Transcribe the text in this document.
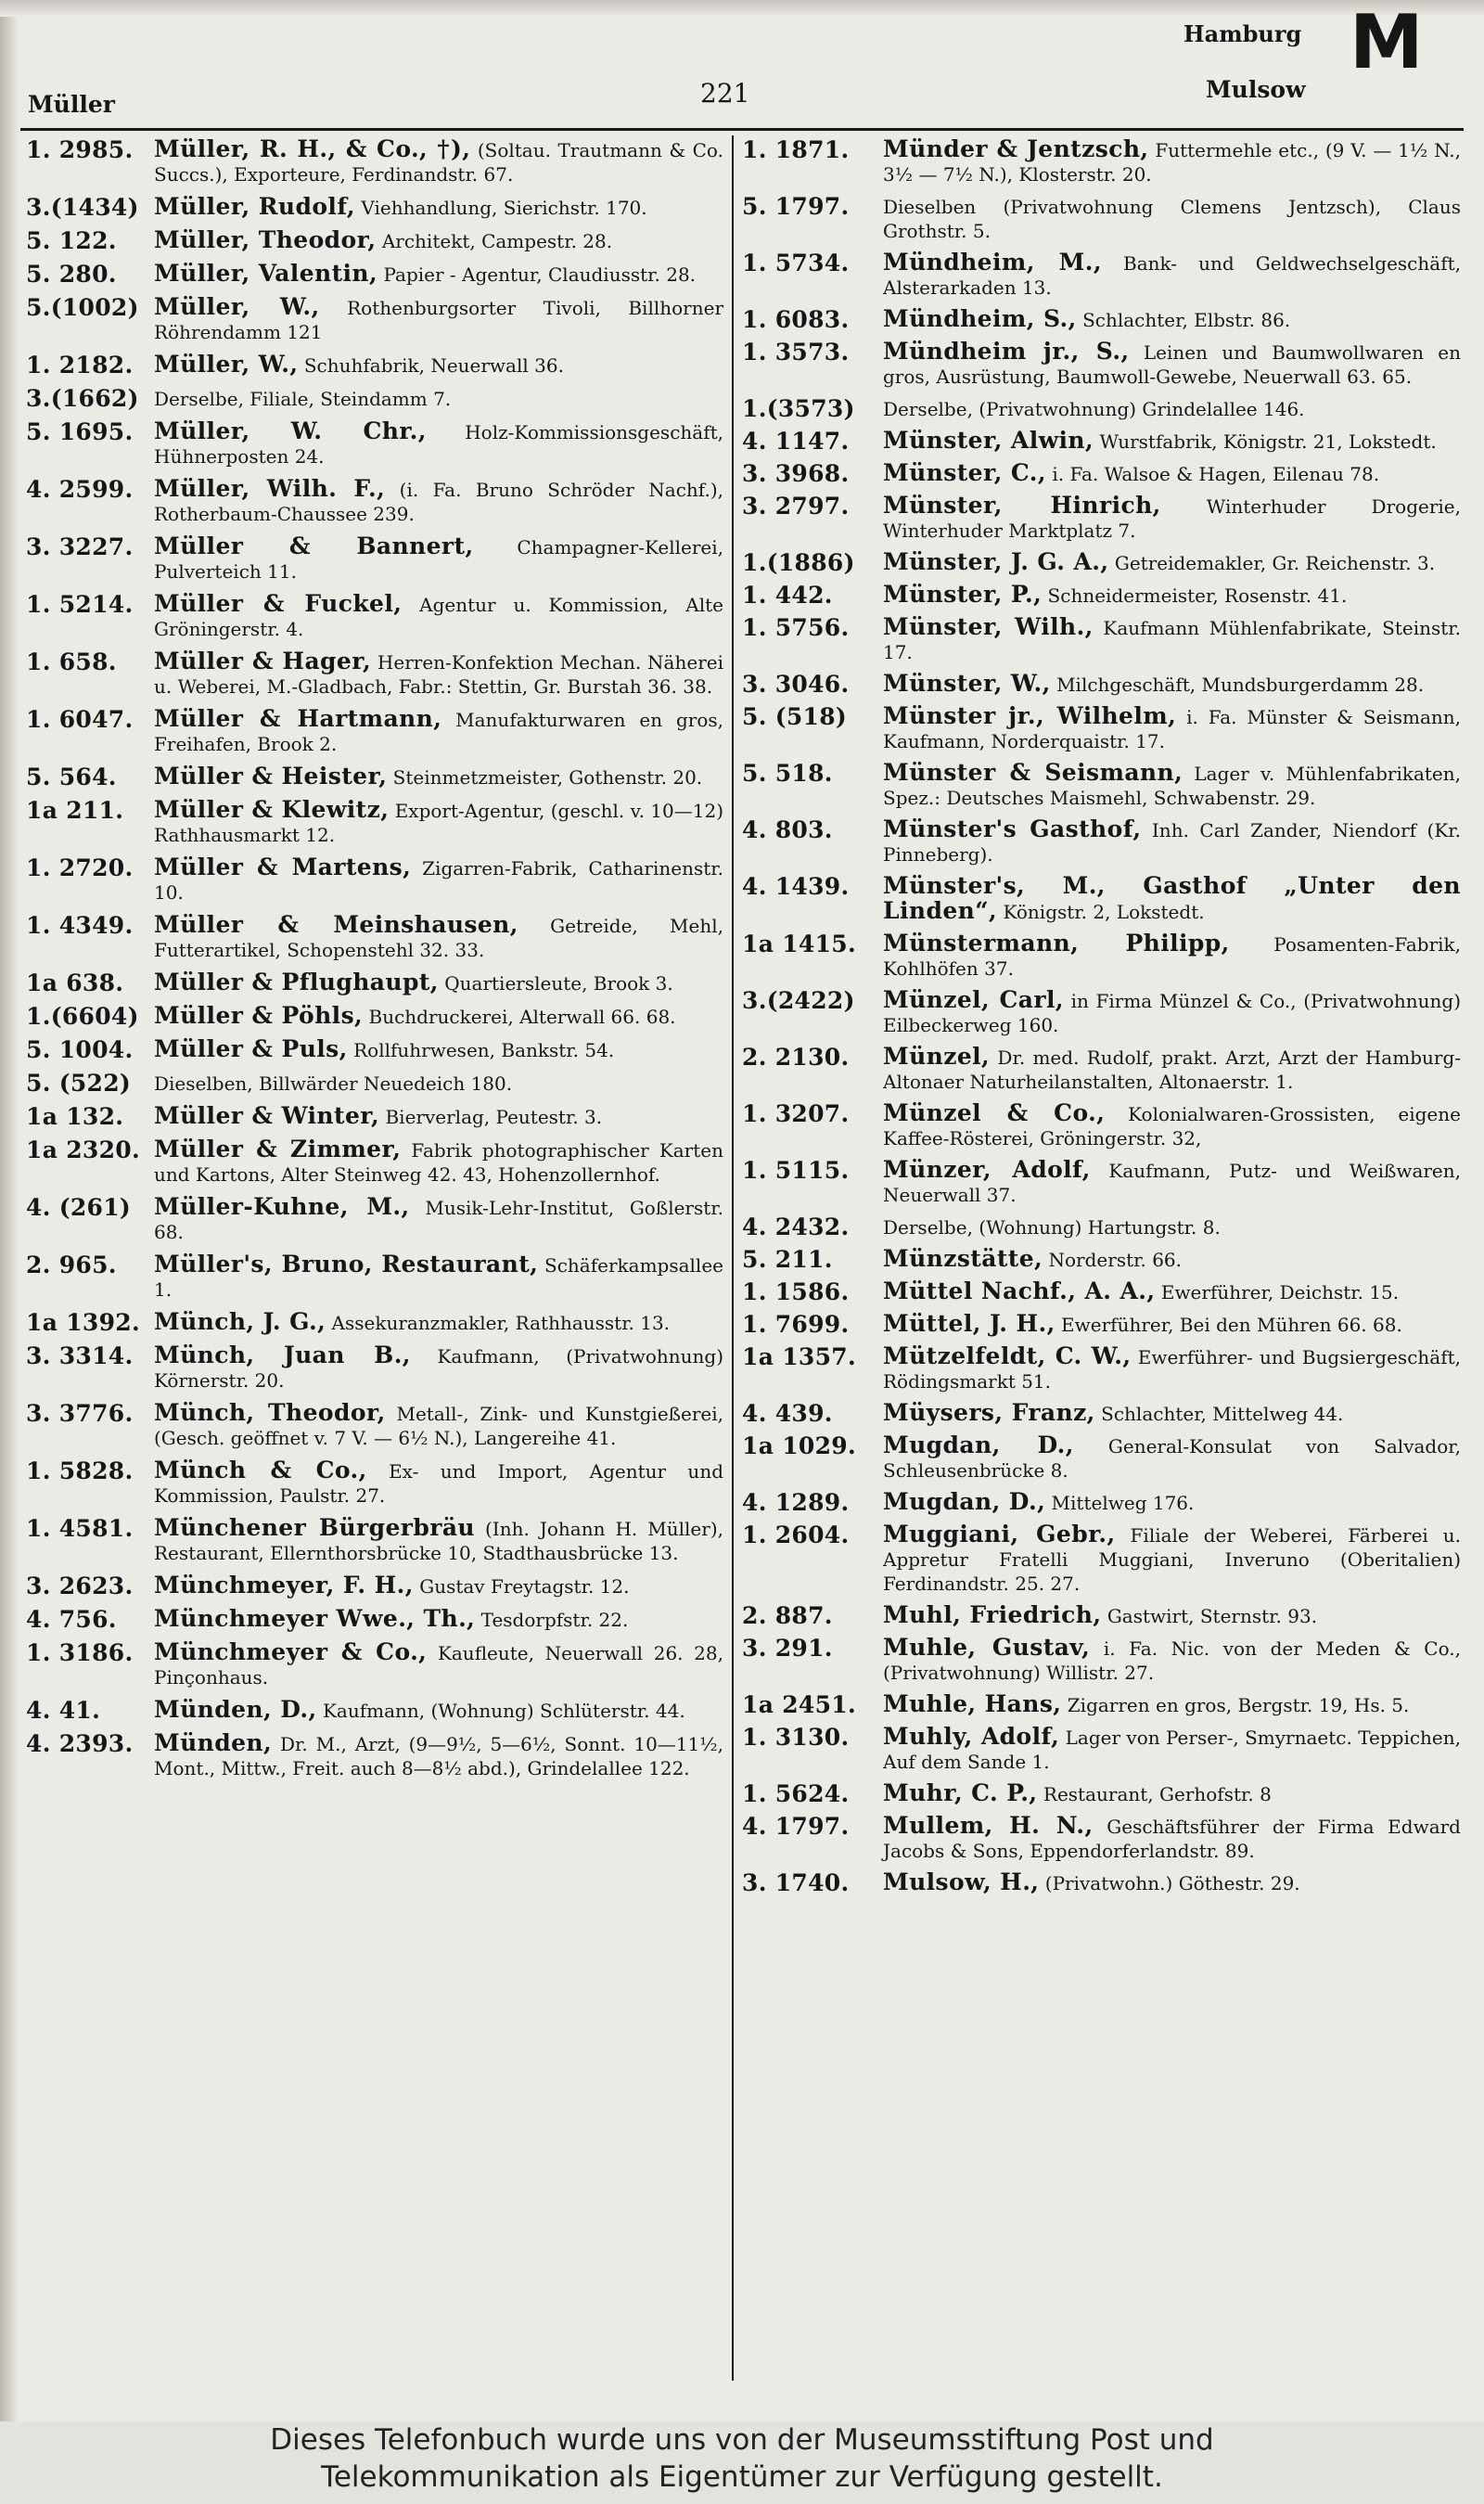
Müller	221
Hamburg
Mulsow
M
1. 2985. Müller, R. H., & Co., †), (Soltau. Trautmann & Co. Succs.), Exporteure, Ferdinandstr. 67.
3.(1434) Müller, Rudolf, Viehhandlung, Sierichstr. 170.
5. 122.	Müller, Theodor, Architekt, Campestr. 28.
5. 280.	Müller, Valentin, Papier - Agentur, Claudiusstr. 28.
5.(1002) Müller, W., Rothenburgsorter Tivoli, Billhorner Röhrendamm 121
1. 2182. Müller, W., Schuhfabrik, Neuerwall 36.
3.(1662) Derselbe, Filiale, Steindamm 7.
5. 1695. Müller, W. Chr., Holz-Kommissionsgeschäft, Hühnerposten 24.
4. 2599. Müller, Wilh. F., (i. Fa. Bruno Schröder Nachf.), Rotherbaum-Chaussee 239.
3. 3227. Müller & Bannert, Champagner-Kellerei, Pulverteich 11.
1. 5214. Müller & Fuckel, Agentur u. Kommission, Alte Gröningerstr. 4.
1. 658.	Müller & Hager, Herren-Konfektion Mechan. Näherei u. Weberei, M.-Gladbach, Fabr.: Stettin, Gr. Burstah 36. 38.
1. 6047. Müller & Hartmann, Manufakturwaren en gros, Freihafen, Brook 2.
5. 564.	Müller & Heister, Steinmetzmeister, Gothenstr. 20.
1a 211.	Müller & Klewitz, Export-Agentur, (geschl. v. 10—12) Rathhausmarkt 12.
1. 2720. Müller & Martens, Zigarren-Fabrik, Catharinenstr. 10.
1. 4349. Müller & Meinshausen, Getreide, Mehl, Futterartikel, Schopenstehl 32. 33.
1a 638.	Müller & Pflughaupt, Quartiersleute, Brook 3.
1.(6604) Müller & Pöhls, Buchdruckerei, Alterwall 66. 68.
5. 1004. Müller & Puls, Rollfuhrwesen, Bankstr. 54.
5. (522)	Dieselben, Billwärder Neuedeich 180.
1a 132.	Müller & Winter, Bierverlag, Peutestr. 3.
1a 2320. Müller & Zimmer, Fabrik photographischer Karten und Kartons, Alter Steinweg 42. 43, Hohenzollernhof.
4. (261) Müller-Kuhne, M., Musik-Lehr-Institut, Goßlerstr. 68.
2. 965.	Müller's, Bruno, Restaurant, Schäferkampsallee 1.
1a 1392. Münch, J. G., Assekuranzmakler, Rathhausstr. 13.
3. 3314. Münch, Juan B., Kaufmann, (Privatwohnung) Körnerstr. 20.
3. 3776. Münch, Theodor, Metall-, Zink- und Kunstgießerei, (Gesch. geöffnet v. 7 V. — 6½ N.), Langereihe 41.
1. 5828. Münch & Co., Ex- und Import, Agentur und Kommission, Paulstr. 27.
1. 4581. Münchener Bürgerbräu (Inh. Johann H. Müller), Restaurant, Ellernthorsbrücke 10, Stadthausbrücke 13.
3. 2623. Münchmeyer, F. H., Gustav Freytagstr. 12.
4. 756.	Münchmeyer Wwe., Th., Tesdorpfstr. 22.
1. 3186. Münchmeyer & Co., Kaufleute, Neuerwall 26. 28, Pinçonhaus.
4. 41.	Münden, D., Kaufmann, (Wohnung) Schlüterstr. 44.
4. 2393. Münden, Dr. M., Arzt, (9—9½, 5—6½, Sonnt. 10—11½, Mont., Mittw., Freit. auch 8—8½ abd.), Grindelallee 122.
1. 1871.	Münder & Jentzsch, Futtermehle etc., (9 V. — 1½ N., 3½ — 7½ N.), Klosterstr. 20.
5. 1797.	Dieselben (Privatwohnung Clemens Jentzsch), Claus Grothstr. 5.
1. 5734.	Mündheim, M., Bank- und Geldwechselgeschäft, Alsterarkaden 13.
1. 6083.	Mündheim, S., Schlachter, Elbstr. 86.
1. 3573.	Mündheim jr., S., Leinen und Baumwollwaren en gros, Ausrüstung, Baumwoll-Gewebe, Neuerwall 63. 65.
1.(3573)	Derselbe, (Privatwohnung) Grindelallee 146.
4. 1147.	Münster, Alwin, Wurstfabrik, Königstr. 21, Lokstedt.
3. 3968.	Münster, C., i. Fa. Walsoe & Hagen, Eilenau 78.
3. 2797.	Münster, Hinrich, Winterhuder Drogerie, Winterhuder Marktplatz 7.
1.(1886)	Münster, J. G. A., Getreidemakler, Gr. Reichenstr. 3.
1. 442.	Münster, P., Schneidermeister, Rosenstr. 41.
1. 5756.	Münster, Wilh., Kaufmann Mühlenfabrikate, Steinstr. 17.
3. 3046.	Münster, W., Milchgeschäft, Mundsburgerdamm 28.
5. (518)	Münster jr., Wilhelm, i. Fa. Münster & Seismann, Kaufmann, Norderquaistr. 17.
5. 518.	Münster & Seismann, Lager v. Mühlenfabrikaten, Spez.: Deutsches Maismehl, Schwabenstr. 29.
4. 803.	Münster's Gasthof, Inh. Carl Zander, Niendorf (Kr. Pinneberg).
4. 1439.	Münster's, M., Gasthof „Unter den Linden“, Königstr. 2, Lokstedt.
1a 1415.	Münstermann, Philipp, Posamenten-Fabrik, Kohlhöfen 37.
3.(2422)	Münzel, Carl, in Firma Münzel & Co., (Privatwohnung) Eilbeckerweg 160.
2. 2130.	Münzel, Dr. med. Rudolf, prakt. Arzt, Arzt der Hamburg-Altonaer Naturheilanstalten, Altonaerstr. 1.
1. 3207.	Münzel & Co., Kolonialwaren-Grossisten, eigene Kaffee-Rösterei, Gröningerstr. 32,
1. 5115.	Münzer, Adolf, Kaufmann, Putz- und Weißwaren, Neuerwall 37.
4. 2432.	Derselbe, (Wohnung) Hartungstr. 8.
5. 211.	Münzstätte, Norderstr. 66.
1. 1586.	Müttel Nachf., A. A., Ewerführer, Deichstr. 15.
1. 7699.	Müttel, J. H., Ewerführer, Bei den Mühren 66. 68.
1a 1357.	Mützelfeldt, C. W., Ewerführer- und Bugsiergeschäft, Rödingsmarkt 51.
4. 439.	Müysers, Franz, Schlachter, Mittelweg 44.
1a 1029.	Mugdan, D., General-Konsulat von Salvador, Schleusenbrücke 8.
4. 1289.	Mugdan, D., Mittelweg 176.
1. 2604.	Muggiani, Gebr., Filiale der Weberei, Färberei u. Appretur Fratelli Muggiani, Inveruno (Oberitalien) Ferdinandstr. 25. 27.
2. 887.	Muhl, Friedrich, Gastwirt, Sternstr. 93.
3. 291.	Muhle, Gustav, i. Fa. Nic. von der Meden & Co., (Privatwohnung) Willistr. 27.
1a 2451.	Muhle, Hans, Zigarren en gros, Bergstr. 19, Hs. 5.
1. 3130.	Muhly, Adolf, Lager von Perser-, Smyrnaetc. Teppichen, Auf dem Sande 1.
1. 5624.	Muhr, C. P., Restaurant, Gerhofstr. 8
4. 1797.	Mullem, H. N., Geschäftsführer der Firma Edward Jacobs & Sons, Eppendorferlandstr. 89.
3. 1740.	Mulsow, H., (Privatwohn.) Göthestr. 29.
Dieses Telefonbuch wurde uns von der Museumsstiftung Post und
Telekommunikation als Eigentümer zur Verfügung gestellt.
